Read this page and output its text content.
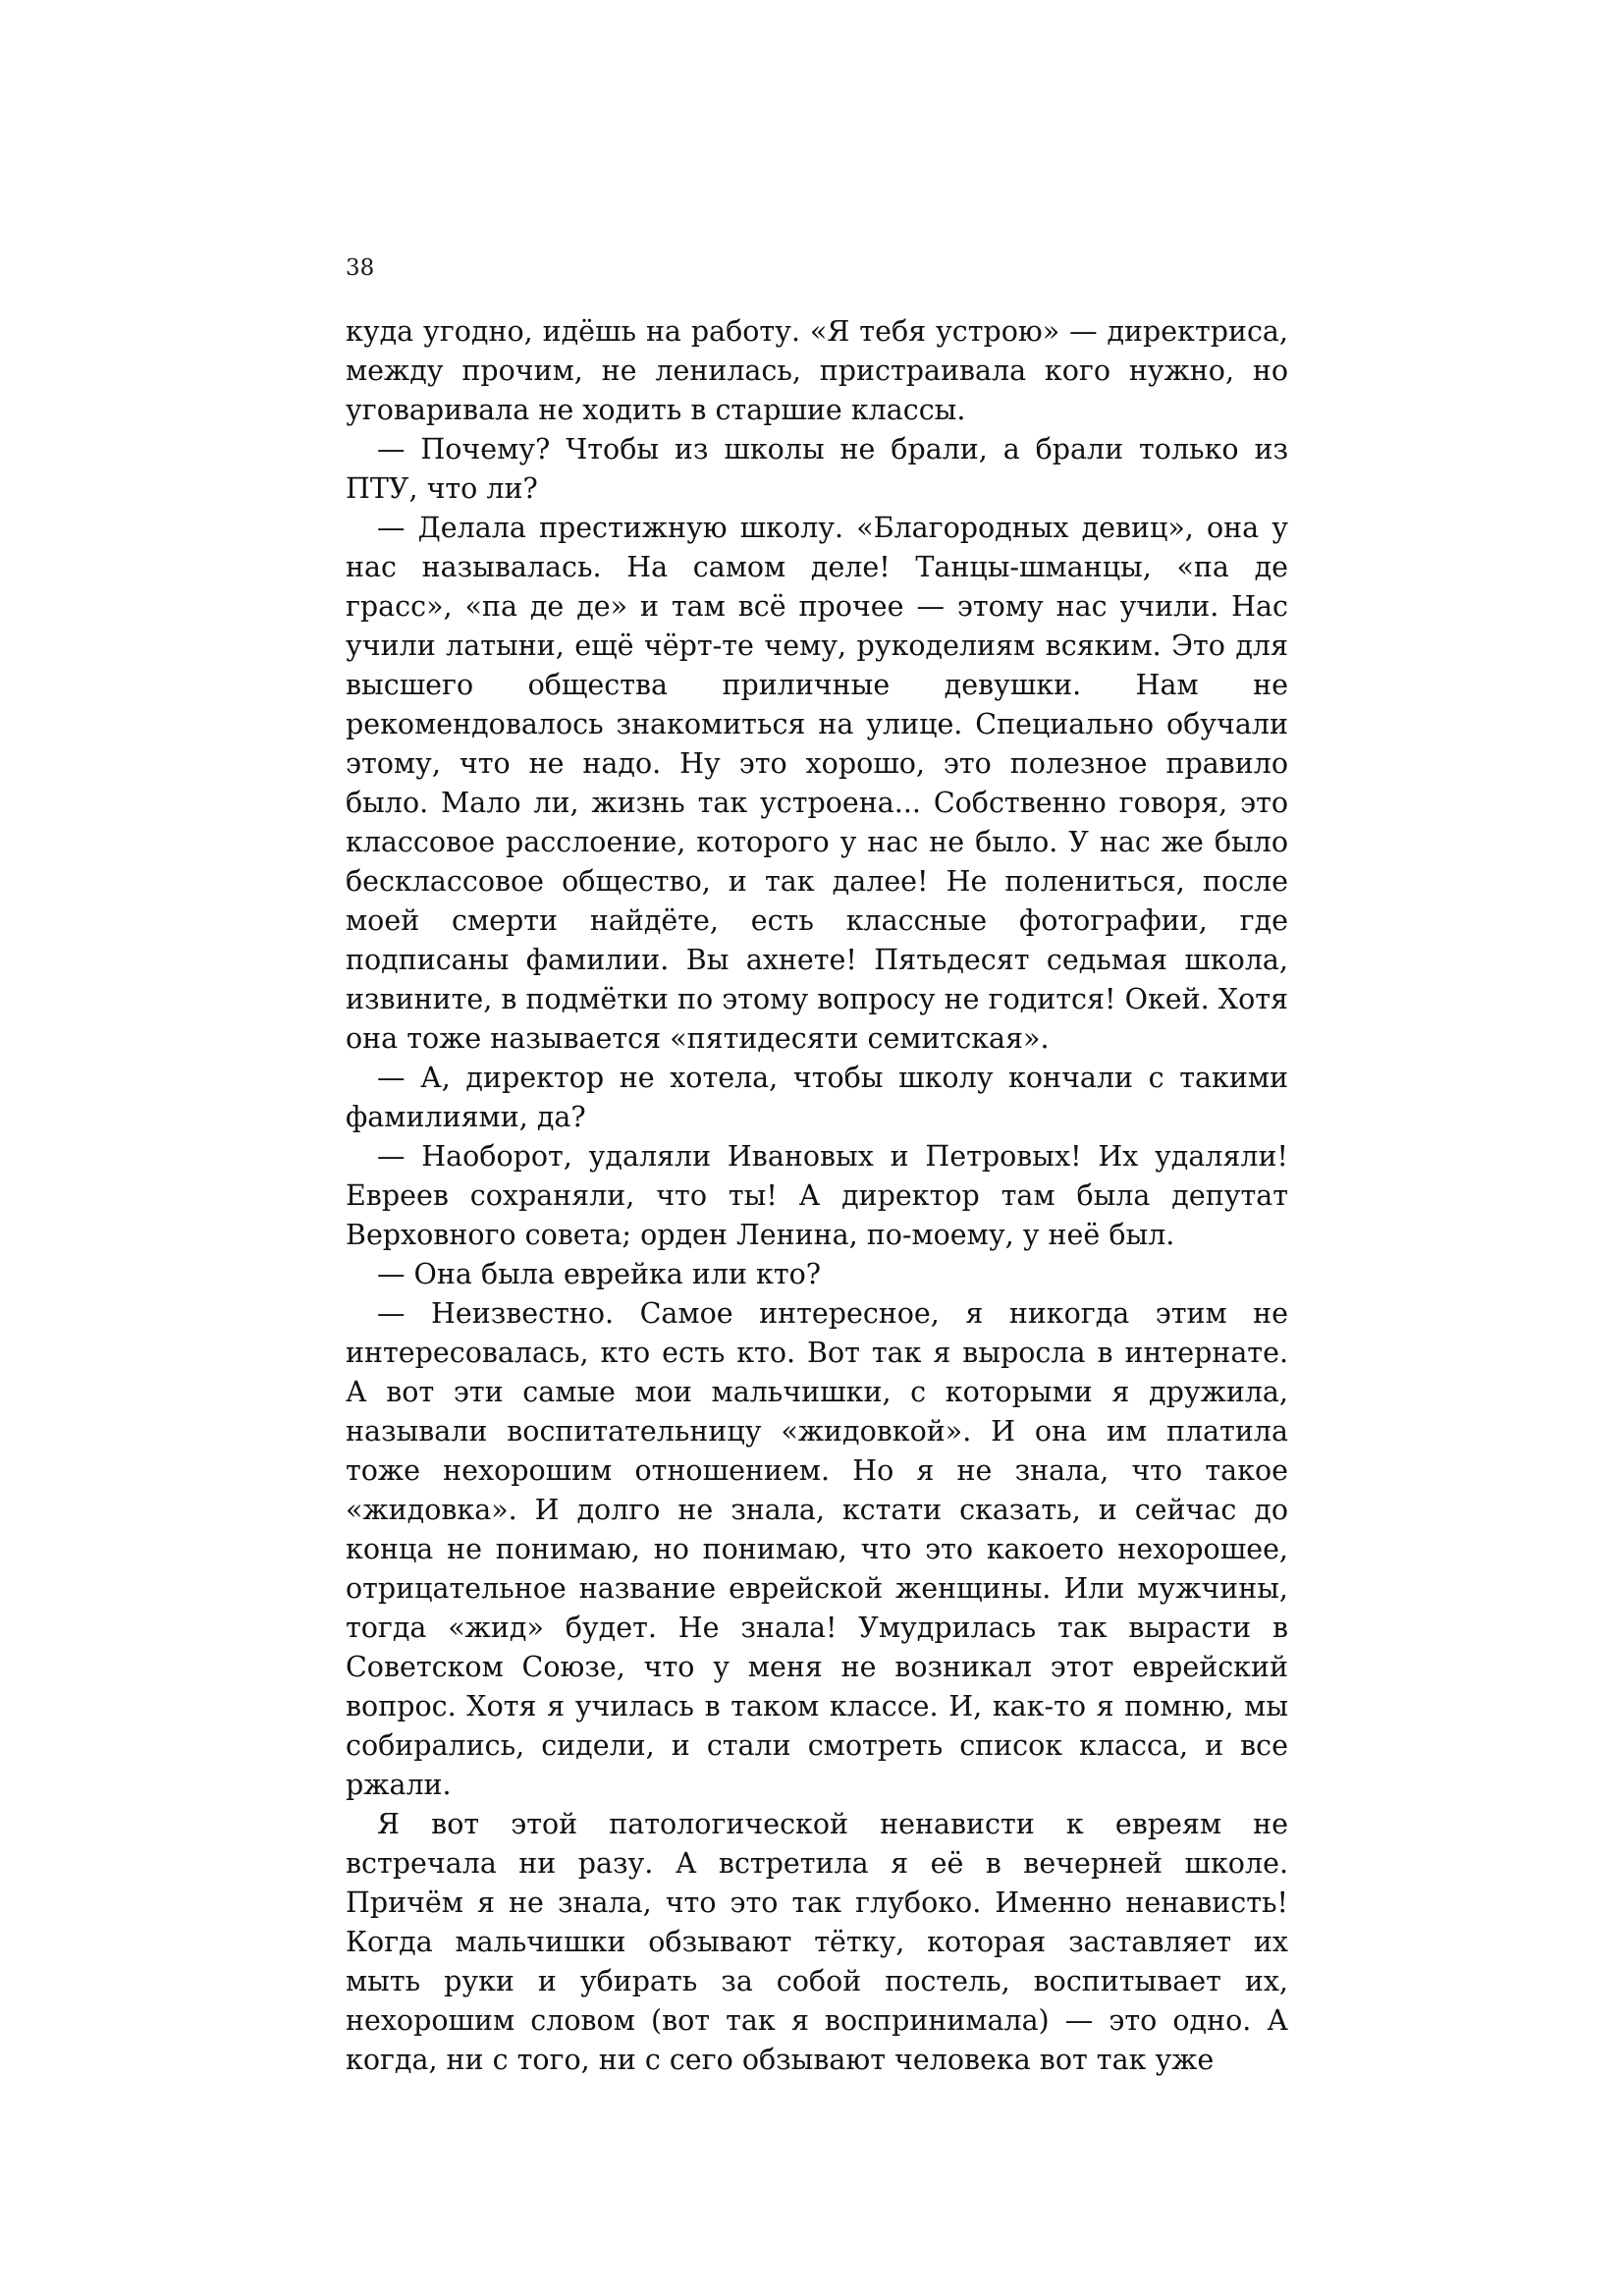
38

куда угодно, идёшь на работу. «Я тебя устрою» — директриса, между прочим, не ленилась, пристраивала кого нужно, но уговаривала не ходить в старшие классы.

— Почему? Чтобы из школы не брали, а брали только из ПТУ, что ли?

— Делала престижную школу. «Благородных девиц», она у нас называлась. На самом деле! Танцы-шманцы, «па де грасс», «па де де» и там всё прочее — этому нас учили. Нас учили латыни, ещё чёрт-те чему, рукоделиям всяким. Это для высшего общества приличные девушки. Нам не рекомендовалось знакомиться на улице. Специально обучали этому, что не надо. Ну это хорошо, это полезное правило было. Мало ли, жизнь так устроена... Собственно говоря, это классовое расслоение, которого у нас не было. У нас же было бесклассовое общество, и так далее! Не полениться, после моей смерти найдёте, есть классные фотографии, где подписаны фамилии. Вы ахнете! Пятьдесят седьмая школа, извините, в подмётки по этому вопросу не годится! Окей. Хотя она тоже называется «пятидесяти семитская».

— А, директор не хотела, чтобы школу кончали с такими фамилиями, да?

— Наоборот, удаляли Ивановых и Петровых! Их удаляли! Евреев сохраняли, что ты! А директор там была депутат Верховного совета; орден Ленина, по-моему, у неё был.

— Она была еврейка или кто?

— Неизвестно. Самое интересное, я никогда этим не интересовалась, кто есть кто. Вот так я выросла в интернате. А вот эти самые мои мальчишки, с которыми я дружила, называли воспитательницу «жидовкой». И она им платила тоже нехорошим отношением. Но я не знала, что такое «жидовка». И долго не знала, кстати сказать, и сейчас до конца не понимаю, но понимаю, что это какоето нехорошее, отрицательное название еврейской женщины. Или мужчины, тогда «жид» будет. Не знала! Умудрилась так вырасти в Советском Союзе, что у меня не возникал этот еврейский вопрос. Хотя я училась в таком классе. И, как-то я помню, мы собирались, сидели, и стали смотреть список класса, и все ржали.

Я вот этой патологической ненависти к евреям не встречала ни разу. А встретила я её в вечерней школе. Причём я не знала, что это так глубоко. Именно ненависть! Когда мальчишки обзывают тётку, которая заставляет их мыть руки и убирать за собой постель, воспитывает их, нехорошим словом (вот так я воспринимала) — это одно. А когда, ни с того, ни с сего обзывают человека вот так уже
